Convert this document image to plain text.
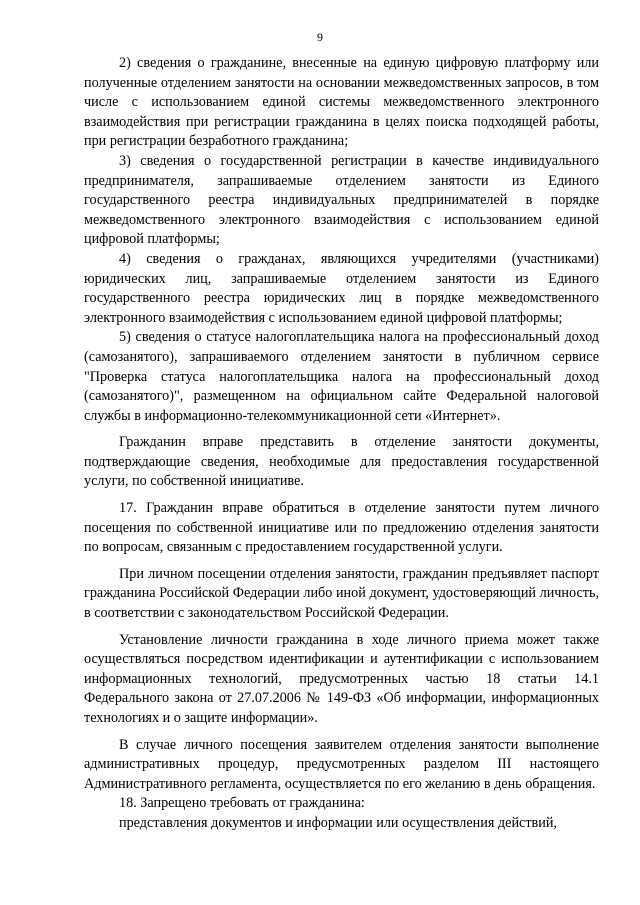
9

2) сведения о гражданине, внесенные на единую цифровую платформу или полученные отделением занятости на основании межведомственных запросов, в том числе с использованием единой системы межведомственного электронного взаимодействия при регистрации гражданина в целях поиска подходящей работы, при регистрации безработного гражданина;

3) сведения о государственной регистрации в качестве индивидуального предпринимателя, запрашиваемые отделением занятости из Единого государственного реестра индивидуальных предпринимателей в порядке межведомственного электронного взаимодействия с использованием единой цифровой платформы;

4) сведения о гражданах, являющихся учредителями (участниками) юридических лиц, запрашиваемые отделением занятости из Единого государственного реестра юридических лиц в порядке межведомственного электронного взаимодействия с использованием единой цифровой платформы;

5) сведения о статусе налогоплательщика налога на профессиональный доход (самозанятого), запрашиваемого отделением занятости в публичном сервисе "Проверка статуса налогоплательщика налога на профессиональный доход (самозанятого)", размещенном на официальном сайте Федеральной налоговой службы в информационно-телекоммуникационной сети «Интернет».

Гражданин вправе представить в отделение занятости документы, подтверждающие сведения, необходимые для предоставления государственной услуги, по собственной инициативе.

17. Гражданин вправе обратиться в отделение занятости путем личного посещения по собственной инициативе или по предложению отделения занятости по вопросам, связанным с предоставлением государственной услуги.

При личном посещении отделения занятости, гражданин предъявляет паспорт гражданина Российской Федерации либо иной документ, удостоверяющий личность, в соответствии с законодательством Российской Федерации.

Установление личности гражданина в ходе личного приема может также осуществляться посредством идентификации и аутентификации с использованием информационных технологий, предусмотренных частью 18 статьи 14.1 Федерального закона от 27.07.2006 № 149-ФЗ «Об информации, информационных технологиях и о защите информации».

В случае личного посещения заявителем отделения занятости выполнение административных процедур, предусмотренных разделом III настоящего Административного регламента, осуществляется по его желанию в день обращения.

18. Запрещено требовать от гражданина:

представления документов и информации или осуществления действий,
